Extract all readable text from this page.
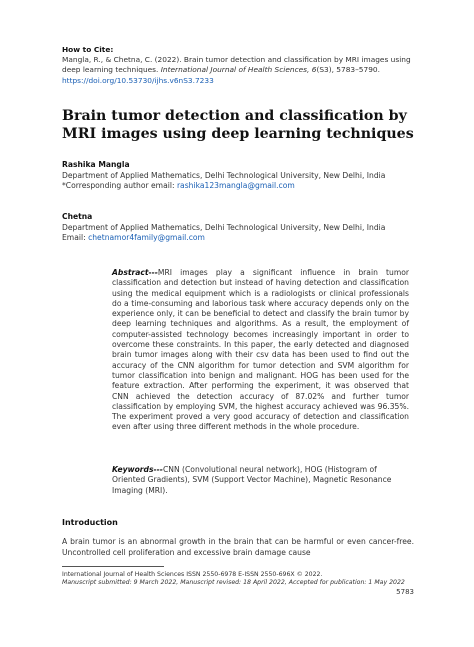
How to Cite:
Mangla, R., & Chetna, C. (2022). Brain tumor detection and classification by MRI images using deep learning techniques. International Journal of Health Sciences, 6(S3), 5783–5790. https://doi.org/10.53730/ijhs.v6nS3.7233
Brain tumor detection and classification by MRI images using deep learning techniques
Rashika Mangla
Department of Applied Mathematics, Delhi Technological University, New Delhi, India
*Corresponding author email: rashika123mangla@gmail.com
Chetna
Department of Applied Mathematics, Delhi Technological University, New Delhi, India
Email: chetnamor4family@gmail.com
Abstract---MRI images play a significant influence in brain tumor classification and detection but instead of having detection and classification using the medical equipment which is a radiologists or clinical professionals do a time-consuming and laborious task where accuracy depends only on the experience only, it can be beneficial to detect and classify the brain tumor by deep learning techniques and algorithms. As a result, the employment of computer-assisted technology becomes increasingly important in order to overcome these constraints. In this paper, the early detected and diagnosed brain tumor images along with their csv data has been used to find out the accuracy of the CNN algorithm for tumor detection and SVM algorithm for tumor classification into benign and malignant. HOG has been used for the feature extraction. After performing the experiment, it was observed that CNN achieved the detection accuracy of 87.02% and further tumor classification by employing SVM, the highest accuracy achieved was 96.35%. The experiment proved a very good accuracy of detection and classification even after using three different methods in the whole procedure.
Keywords---CNN (Convolutional neural network), HOG (Histogram of Oriented Gradients), SVM (Support Vector Machine), Magnetic Resonance Imaging (MRI).
Introduction
A brain tumor is an abnormal growth in the brain that can be harmful or even cancer-free. Uncontrolled cell proliferation and excessive brain damage cause
International Journal of Health Sciences ISSN 2550-6978 E-ISSN 2550-696X © 2022.
Manuscript submitted: 9 March 2022, Manuscript revised: 18 April 2022, Accepted for publication: 1 May 2022
5783
